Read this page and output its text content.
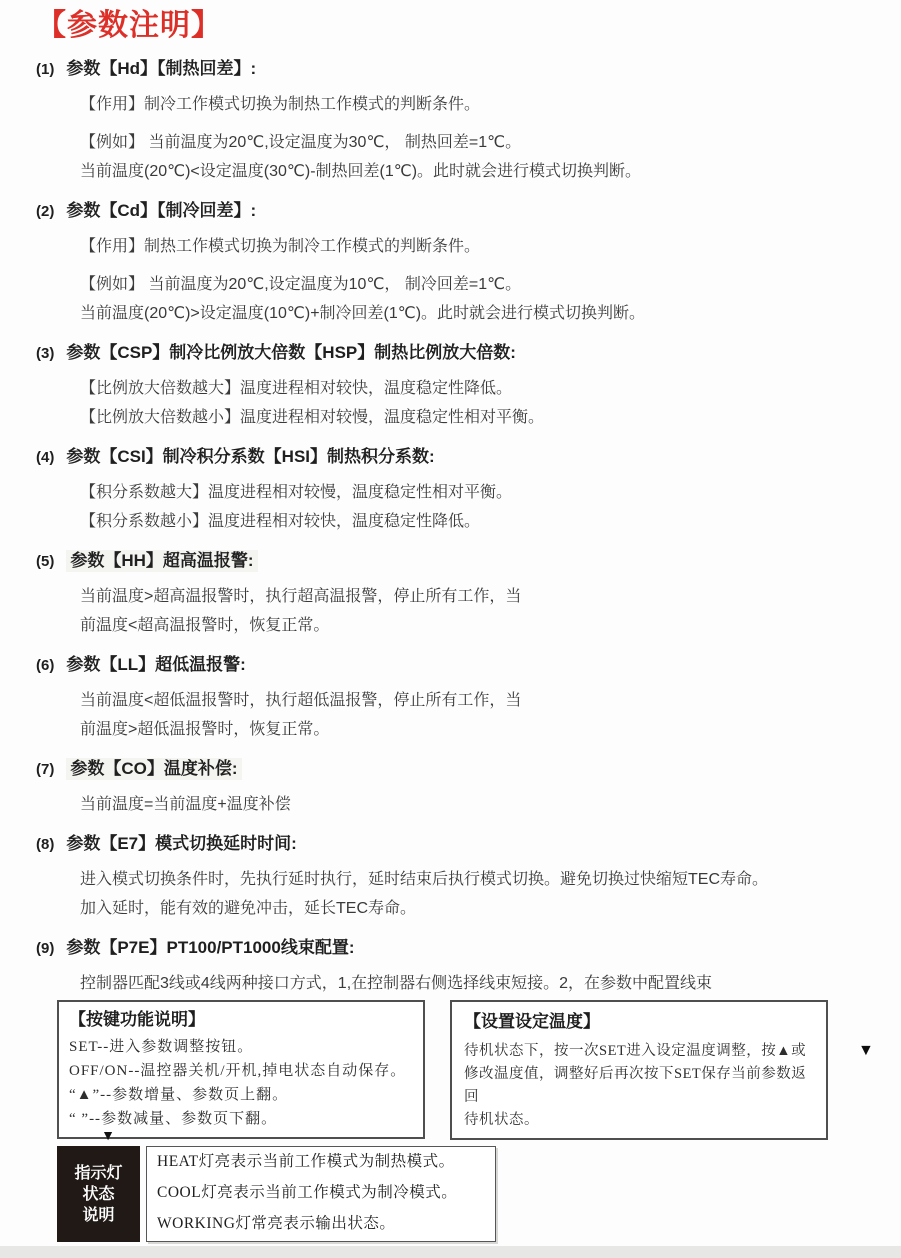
【参数注明】
(1) 参数【Hd】【制热回差】:
【作用】制冷工作模式切换为制热工作模式的判断条件。
【例如】 当前温度为20℃,设定温度为30℃， 制热回差=1℃。
当前温度(20℃)<设定温度(30℃)-制热回差(1℃)。此时就会进行模式切换判断。
(2) 参数【Cd】【制冷回差】:
【作用】制热工作模式切换为制冷工作模式的判断条件。
【例如】 当前温度为20℃,设定温度为10℃， 制冷回差=1℃。
当前温度(20℃)>设定温度(10℃)+制冷回差(1℃)。此时就会进行模式切换判断。
(3) 参数【CSP】制冷比例放大倍数【HSP】制热比例放大倍数:
【比例放大倍数越大】温度进程相对较快，温度稳定性降低。
【比例放大倍数越小】温度进程相对较慢，温度稳定性相对平衡。
(4) 参数【CSI】制冷积分系数【HSI】制热积分系数:
【积分系数越大】温度进程相对较慢，温度稳定性相对平衡。
【积分系数越小】温度进程相对较快，温度稳定性降低。
(5) 参数【HH】超高温报警:
当前温度>超高温报警时，执行超高温报警，停止所有工作，当
前温度<超高温报警时，恢复正常。
(6) 参数【LL】超低温报警:
当前温度<超低温报警时，执行超低温报警，停止所有工作，当
前温度>超低温报警时，恢复正常。
(7) 参数【CO】温度补偿:
当前温度=当前温度+温度补偿
(8) 参数【E7】模式切换延时时间:
进入模式切换条件时，先执行延时执行，延时结束后执行模式切换。避免切换过快缩短TEC寿命。
加入延时，能有效的避免冲击，延长TEC寿命。
(9) 参数【P7E】PT100/PT1000线束配置:
控制器匹配3线或4线两种接口方式，1,在控制器右侧选择线束短接。2，在参数中配置线束
【按键功能说明】
SET--进入参数调整按钮。
OFF/ON--温控器关机/开机,掉电状态自动保存。
“▲”--参数增量、参数页上翻。
“ ”--
▼
参数减量、参数页下翻。
【设置设定温度】
待机状态下，按一次SET进入设定温度调整，按▲或
修改温度值，调整好后再次按下SET保存当前参数返回
待机状态。
▼
指示灯
状态
说明
HEAT灯亮表示当前工作模式为制热模式。
COOL灯亮表示当前工作模式为制冷模式。
WORKING灯常亮表示输出状态。
